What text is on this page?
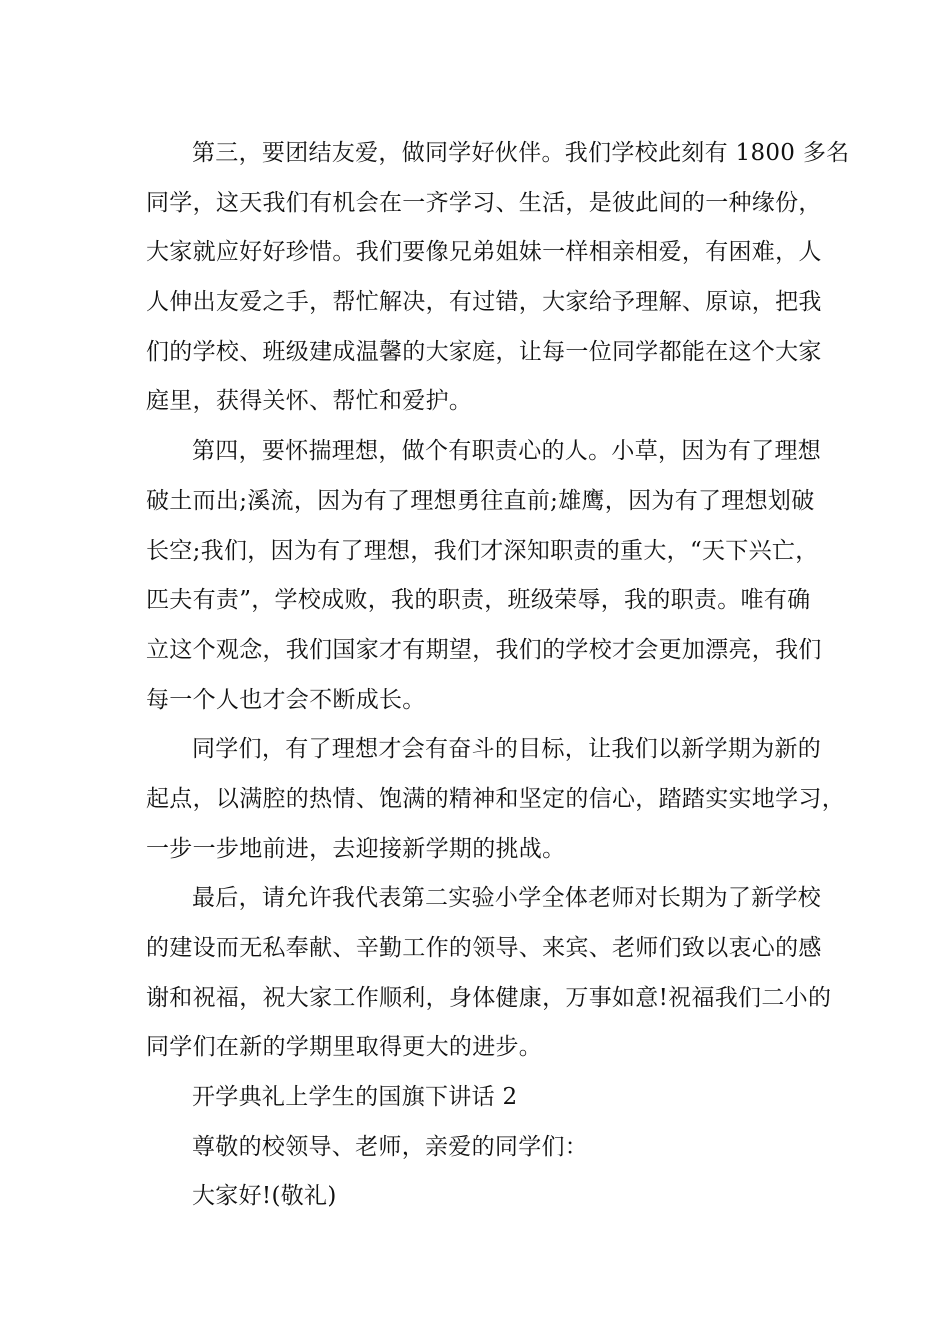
第三，要团结友爱，做同学好伙伴。我们学校此刻有 1800 多名
同学，这天我们有机会在一齐学习、生活，是彼此间的一种缘份，
大家就应好好珍惜。我们要像兄弟姐妹一样相亲相爱，有困难，人
人伸出友爱之手，帮忙解决，有过错，大家给予理解、原谅，把我
们的学校、班级建成温馨的大家庭，让每一位同学都能在这个大家
庭里，获得关怀、帮忙和爱护。
第四，要怀揣理想，做个有职责心的人。小草，因为有了理想
破土而出;溪流，因为有了理想勇往直前;雄鹰，因为有了理想划破
长空;我们，因为有了理想，我们才深知职责的重大，“天下兴亡，
匹夫有责”，学校成败，我的职责，班级荣辱，我的职责。唯有确
立这个观念，我们国家才有期望，我们的学校才会更加漂亮，我们
每一个人也才会不断成长。
同学们，有了理想才会有奋斗的目标，让我们以新学期为新的
起点，以满腔的热情、饱满的精神和坚定的信心，踏踏实实地学习，
一步一步地前进，去迎接新学期的挑战。
最后，请允许我代表第二实验小学全体老师对长期为了新学校
的建设而无私奉献、辛勤工作的领导、来宾、老师们致以衷心的感
谢和祝福，祝大家工作顺利，身体健康，万事如意!祝福我们二小的
同学们在新的学期里取得更大的进步。
开学典礼上学生的国旗下讲话 2
尊敬的校领导、老师，亲爱的同学们：
大家好!(敬礼)
